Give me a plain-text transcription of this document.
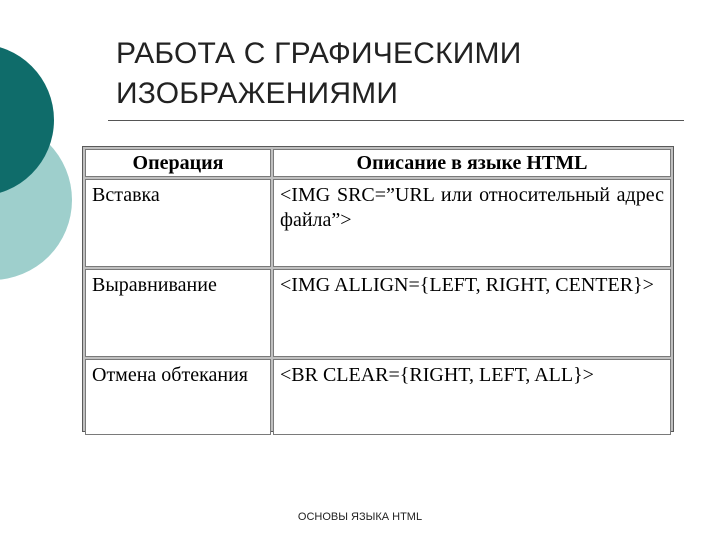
РАБОТА С ГРАФИЧЕСКИМИ
ИЗОБРАЖЕНИЯМИ
Операция	Описание в языке HTML
Вставка	<IMG SRC=”URL или относительный адрес файла”>
Выравнивание	<IMG ALLIGN={LEFT, RIGHT, CENTER}>
Отмена обтекания	<BR CLEAR={RIGHT, LEFT, ALL}>
ОСНОВЫ ЯЗЫКА HTML
